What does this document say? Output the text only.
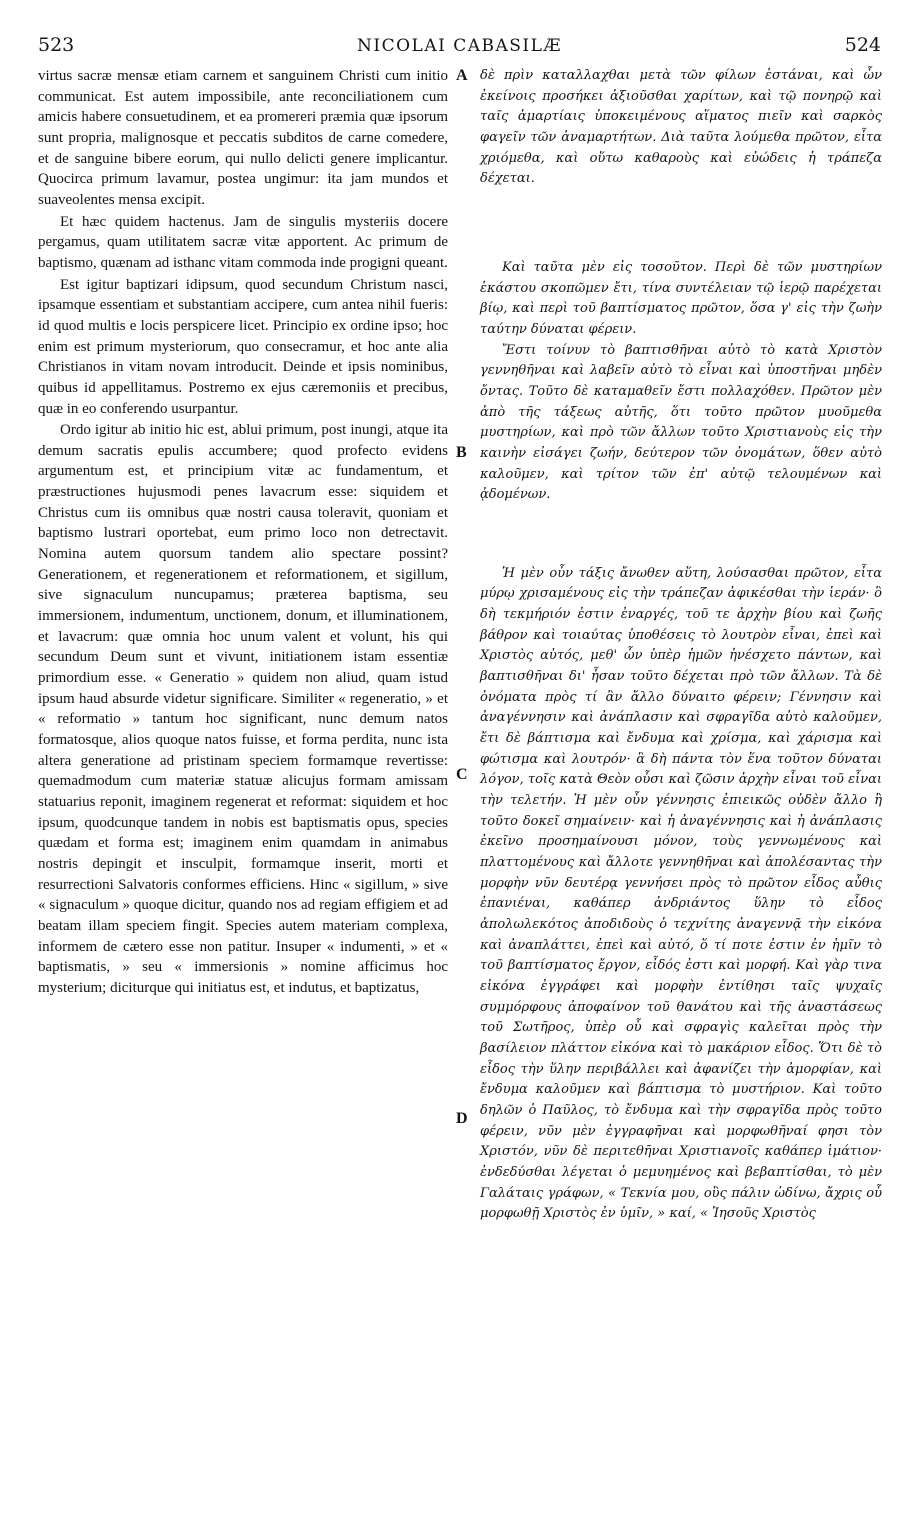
523	NICOLAI CABASILÆ	524

virtus sacræ mensæ etiam carnem et sanguinem Christi cum initio communicat. Est autem impossibile, ante reconciliationem cum amicis habere consuetudinem, et ea promereri præmia quæ ipsorum sunt propria, malignosque et peccatis subditos de carne comedere, et de sanguine bibere eorum, qui nullo delicti genere implicantur. Quocirca primum lavamur, postea ungimur: ita jam mundos et suaveolentes mensa excipit.

Et hæc quidem hactenus. Jam de singulis mysteriis docere pergamus, quam utilitatem sacræ vitæ apportent. Ac primum de baptismo, quænam ad isthanc vitam commoda inde progigni queant.

Est igitur baptizari idipsum, quod secundum Christum nasci, ipsamque essentiam et substantiam accipere, cum antea nihil fueris: id quod multis e locis perspicere licet. Principio ex ordine ipso; hoc enim est primum mysteriorum, quo consecramur, et hoc ante alia Christianos in vitam novam introducit. Deinde et ipsis nominibus, quibus id appellitamus. Postremo ex ejus cæremoniis et precibus, quæ in eo conferendo usurpantur.

Ordo igitur ab initio hic est, ablui primum, post inungi, atque ita demum sacratis epulis accumbere; quod profecto evidens argumentum est, et principium vitæ ac fundamentum, et præstructiones hujusmodi penes lavacrum esse: siquidem et Christus cum iis omnibus quæ nostri causa toleravit, quoniam et baptismo lustrari oportebat, eum primo loco non detrectavit. Nomina autem quorsum tandem alio spectare possint? Generationem, et regenerationem et reformationem, et sigillum, sive signaculum nuncupamus; præterea baptisma, seu immersionem, indumentum, unctionem, donum, et illuminationem, et lavacrum: quæ omnia hoc unum valent et volunt, his qui secundum Deum sunt et vivunt, initiationem istam essentiæ primordium esse. « Generatio » quidem non aliud, quam istud ipsum haud absurde videtur significare. Similiter « regeneratio, » et « reformatio » tantum hoc significant, nunc demum natos formatosque, alios quoque natos fuisse, et forma perdita, nunc ista altera generatione ad pristinam speciem formamque revertisse: quemadmodum cum materiæ statuæ alicujus formam amissam statuarius reponit, imaginem regenerat et reformat: siquidem et hoc ipsum, quodcunque tandem in nobis est baptismatis opus, species quædam et forma est; imaginem enim quamdam in animabus nostris depingit et insculpit, formamque inserit, morti et resurrectioni Salvatoris conformes efficiens. Hinc « sigillum, » sive « signaculum » quoque dicitur, quando nos ad regiam effigiem et ad beatam illam speciem fingit. Species autem materiam complexa, informem de cætero esse non patitur. Insuper « indumenti, » et « baptismatis, » seu « immersionis » nomine afficimus hoc mysterium; diciturque qui initiatus est, et indutus, et baptizatus,

A
B
C
D

δὲ πρὶν καταλλαχθαι μετὰ τῶν φίλων ἑστάναι, καὶ ὧν ἐκείνοις προσήκει ἀξιοῦσθαι χαρίτων, καὶ τῷ πονηρῷ καὶ ταῖς ἁμαρτίαις ὑποκειμένους αἵματος πιεῖν καὶ σαρκὸς φαγεῖν τῶν ἀναμαρτήτων. Διὰ ταῦτα λούμεθα πρῶτον, εἶτα χριόμεθα, καὶ οὕτω καθαροὺς καὶ εὐώδεις ἡ τράπεζα δέχεται.

Καὶ ταῦτα μὲν εἰς τοσοῦτον. Περὶ δὲ τῶν μυστηρίων ἑκάστου σκοπῶμεν ἔτι, τίνα συντέλειαν τῷ ἱερῷ παρέχεται βίῳ, καὶ περὶ τοῦ βαπτίσματος πρῶτον, ὅσα γ' εἰς τὴν ζωὴν ταύτην δύναται φέρειν.

Ἔστι τοίνυν τὸ βαπτισθῆναι αὐτὸ τὸ κατὰ Χριστὸν γεννηθῆναι καὶ λαβεῖν αὐτὸ τὸ εἶναι καὶ ὑποστῆναι μηδὲν ὄντας. Τοῦτο δὲ καταμαθεῖν ἔστι πολλαχόθεν. Πρῶτον μὲν ἀπὸ τῆς τάξεως αὐτῆς, ὅτι τοῦτο πρῶτον μυοῦμεθα μυστηρίων, καὶ πρὸ τῶν ἄλλων τοῦτο Χριστιανοὺς εἰς τὴν καινὴν εἰσάγει ζωήν, δεύτερον τῶν ὀνομάτων, ὅθεν αὐτὸ καλοῦμεν, καὶ τρίτον τῶν ἐπ' αὐτῷ τελουμένων καὶ ᾀδομένων.

Ἡ μὲν οὖν τάξις ἄνωθεν αὕτη, λούσασθαι πρῶτον, εἶτα μύρῳ χρισαμένους εἰς τὴν τράπεζαν ἀφικέσθαι τὴν ἱεράν· ὃ δὴ τεκμήριόν ἐστιν ἐναργές, τοῦ τε ἀρχὴν βίου καὶ ζωῆς βάθρον καὶ τοιαύτας ὑποθέσεις τὸ λουτρὸν εἶναι, ἐπεὶ καὶ Χριστὸς αὐτός, μεθ' ὧν ὑπὲρ ἡμῶν ἠνέσχετο πάντων, καὶ βαπτισθῆναι δι' ἦσαν τοῦτο δέχεται πρὸ τῶν ἄλλων. Τὰ δὲ ὀνόματα πρὸς τί ἂν ἄλλο δύναιτο φέρειν; Γέννησιν καὶ ἀναγέννησιν καὶ ἀνάπλασιν καὶ σφραγῖδα αὐτὸ καλοῦμεν, ἔτι δὲ βάπτισμα καὶ ἔνδυμα καὶ χρίσμα, καὶ χάρισμα καὶ φώτισμα καὶ λουτρόν· ἃ δὴ πάντα τὸν ἕνα τοῦτον δύναται λόγον, τοῖς κατὰ Θεὸν οὖσι καὶ ζῶσιν ἀρχὴν εἶναι τοῦ εἶναι τὴν τελετήν. Ἡ μὲν οὖν γέννησις ἐπιεικῶς οὐδὲν ἄλλο ἢ τοῦτο δοκεῖ σημαίνειν· καὶ ἡ ἀναγέννησις καὶ ἡ ἀνάπλασις ἐκεῖνο προσημαίνουσι μόνον, τοὺς γεννωμένους καὶ πλαττομένους καὶ ἄλλοτε γεννηθῆναι καὶ ἀπολέσαντας τὴν μορφὴν νῦν δευτέρᾳ γεννήσει πρὸς τὸ πρῶτον εἶδος αὖθις ἐπανιέναι, καθάπερ ἀνδριάντος ὕλην τὸ εἶδος ἀπολωλεκότος ἀποδιδοὺς ὁ τεχνίτης ἀναγεννᾷ τὴν εἰκόνα καὶ ἀναπλάττει, ἐπεὶ καὶ αὐτό, ὅ τί ποτε ἐστιν ἐν ἡμῖν τὸ τοῦ βαπτίσματος ἔργον, εἶδός ἐστι καὶ μορφή. Καὶ γὰρ τινα εἰκόνα ἐγγράφει καὶ μορφὴν ἐντίθησι ταῖς ψυχαῖς συμμόρφους ἀποφαίνον τοῦ θανάτου καὶ τῆς ἀναστάσεως τοῦ Σωτῆρος, ὑπὲρ οὗ καὶ σφραγὶς καλεῖται πρὸς τὴν βασίλειον πλάττον εἰκόνα καὶ τὸ μακάριον εἶδος. Ὅτι δὲ τὸ εἶδος τὴν ὕλην περιβάλλει καὶ ἀφανίζει τὴν ἀμορφίαν, καὶ ἔνδυμα καλοῦμεν καὶ βάπτισμα τὸ μυστήριον. Καὶ τοῦτο δηλῶν ὁ Παῦλος, τὸ ἔνδυμα καὶ τὴν σφραγῖδα πρὸς τοῦτο φέρειν, νῦν μὲν ἐγγραφῆναι καὶ μορφωθῆναί φησι τὸν Χριστόν, νῦν δὲ περιτεθῆναι Χριστιανοῖς καθάπερ ἱμάτιον· ἐνδεδύσθαι λέγεται ὁ μεμυημένος καὶ βεβαπτίσθαι, τὸ μὲν Γαλάταις γράφων, « Τεκνία μου, οὓς πάλιν ὠδίνω, ἄχρις οὗ μορφωθῇ Χριστὸς ἐν ὑμῖν, » καί, « Ἰησοῦς Χριστὸς
